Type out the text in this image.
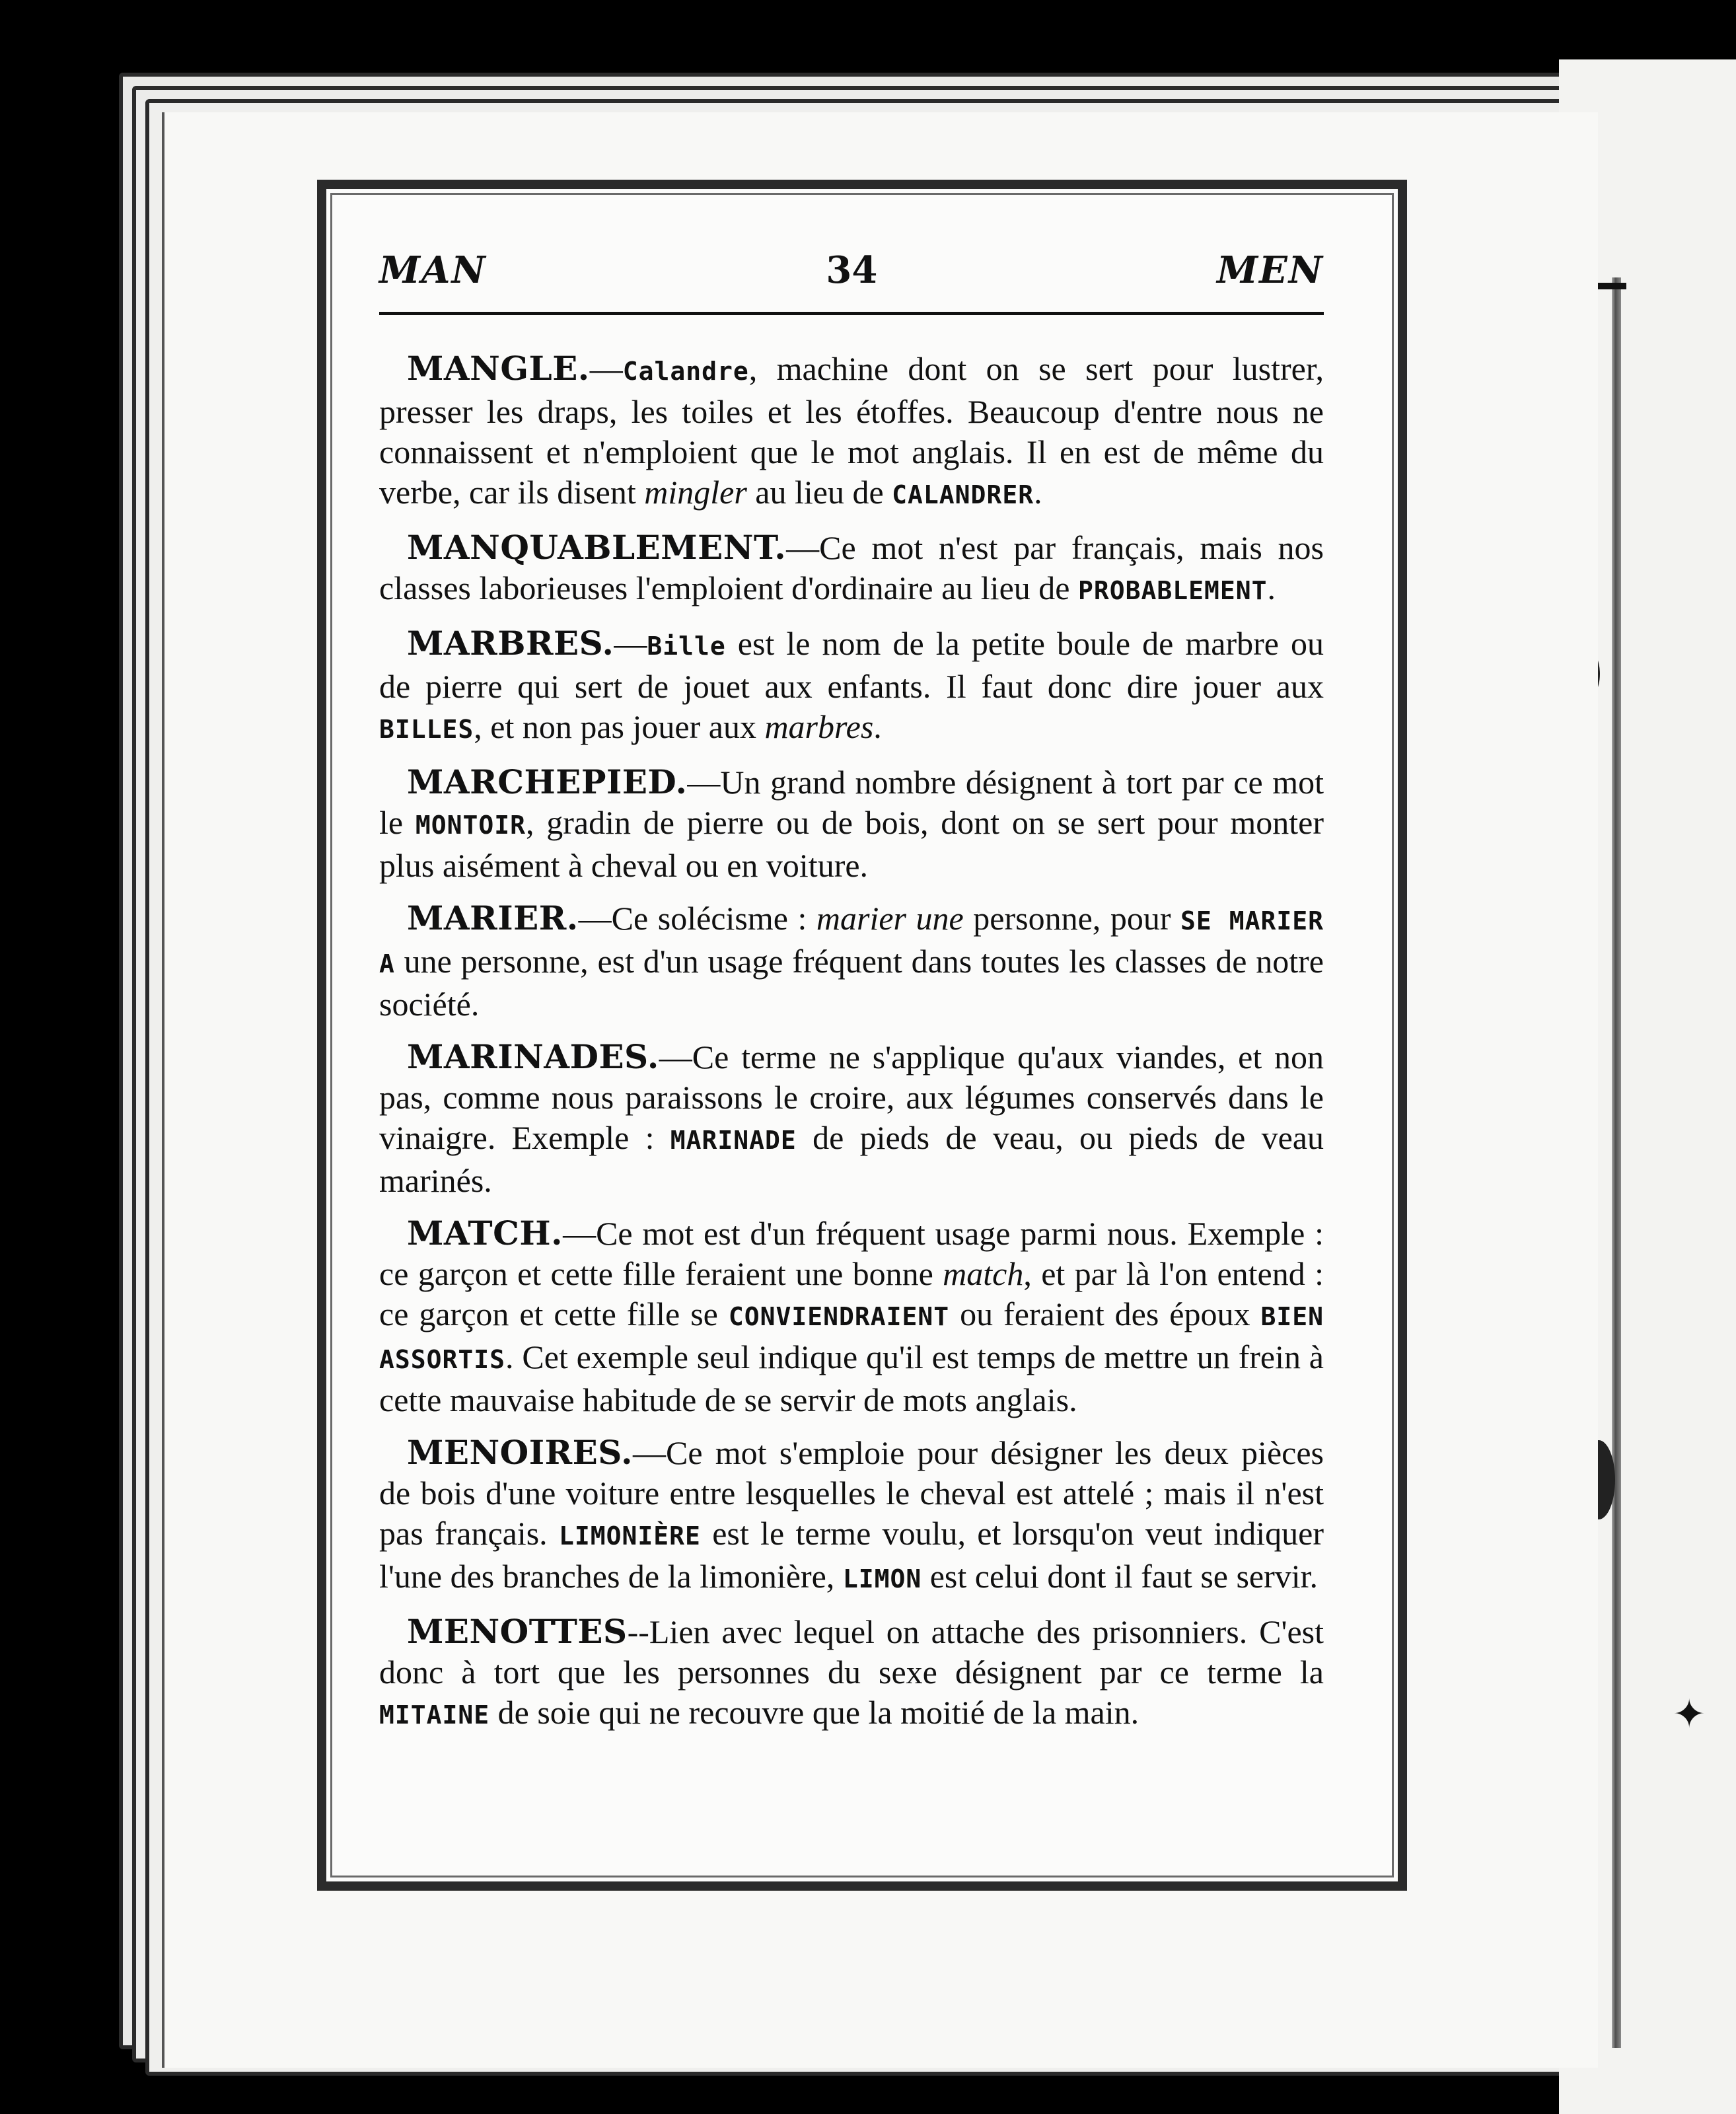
✦
MAN	34	MEN

MANGLE.—Calandre, machine dont on se sert pour lustrer, presser les draps, les toiles et les étoffes. Beaucoup d'entre nous ne connaissent et n'emploient que le mot anglais. Il en est de même du verbe, car ils disent mingler au lieu de CALANDRER.

MANQUABLEMENT.—Ce mot n'est par français, mais nos classes laborieuses l'emploient d'ordinaire au lieu de PROBABLEMENT.

MARBRES.—Bille est le nom de la petite boule de marbre ou de pierre qui sert de jouet aux enfants. Il faut donc dire jouer aux BILLES, et non pas jouer aux marbres.

MARCHEPIED.—Un grand nombre désignent à tort par ce mot le MONTOIR, gradin de pierre ou de bois, dont on se sert pour monter plus aisément à cheval ou en voiture.

MARIER.—Ce solécisme : marier une personne, pour SE MARIER A une personne, est d'un usage fréquent dans toutes les classes de notre société.

MARINADES.—Ce terme ne s'applique qu'aux viandes, et non pas, comme nous paraissons le croire, aux légumes conservés dans le vinaigre. Exemple : MARINADE de pieds de veau, ou pieds de veau marinés.

MATCH.—Ce mot est d'un fréquent usage parmi nous. Exemple : ce garçon et cette fille feraient une bonne match, et par là l'on entend : ce garçon et cette fille se CONVIENDRAIENT ou feraient des époux BIEN ASSORTIS. Cet exemple seul indique qu'il est temps de mettre un frein à cette mauvaise habitude de se servir de mots anglais.

MENOIRES.—Ce mot s'emploie pour désigner les deux pièces de bois d'une voiture entre lesquelles le cheval est attelé ; mais il n'est pas français. LIMONIÈRE est le terme voulu, et lorsqu'on veut indiquer l'une des branches de la limonière, LIMON est celui dont il faut se servir.

MENOTTES--Lien avec lequel on attache des prisonniers. C'est donc à tort que les personnes du sexe désignent par ce terme la MITAINE de soie qui ne recouvre que la moitié de la main.
